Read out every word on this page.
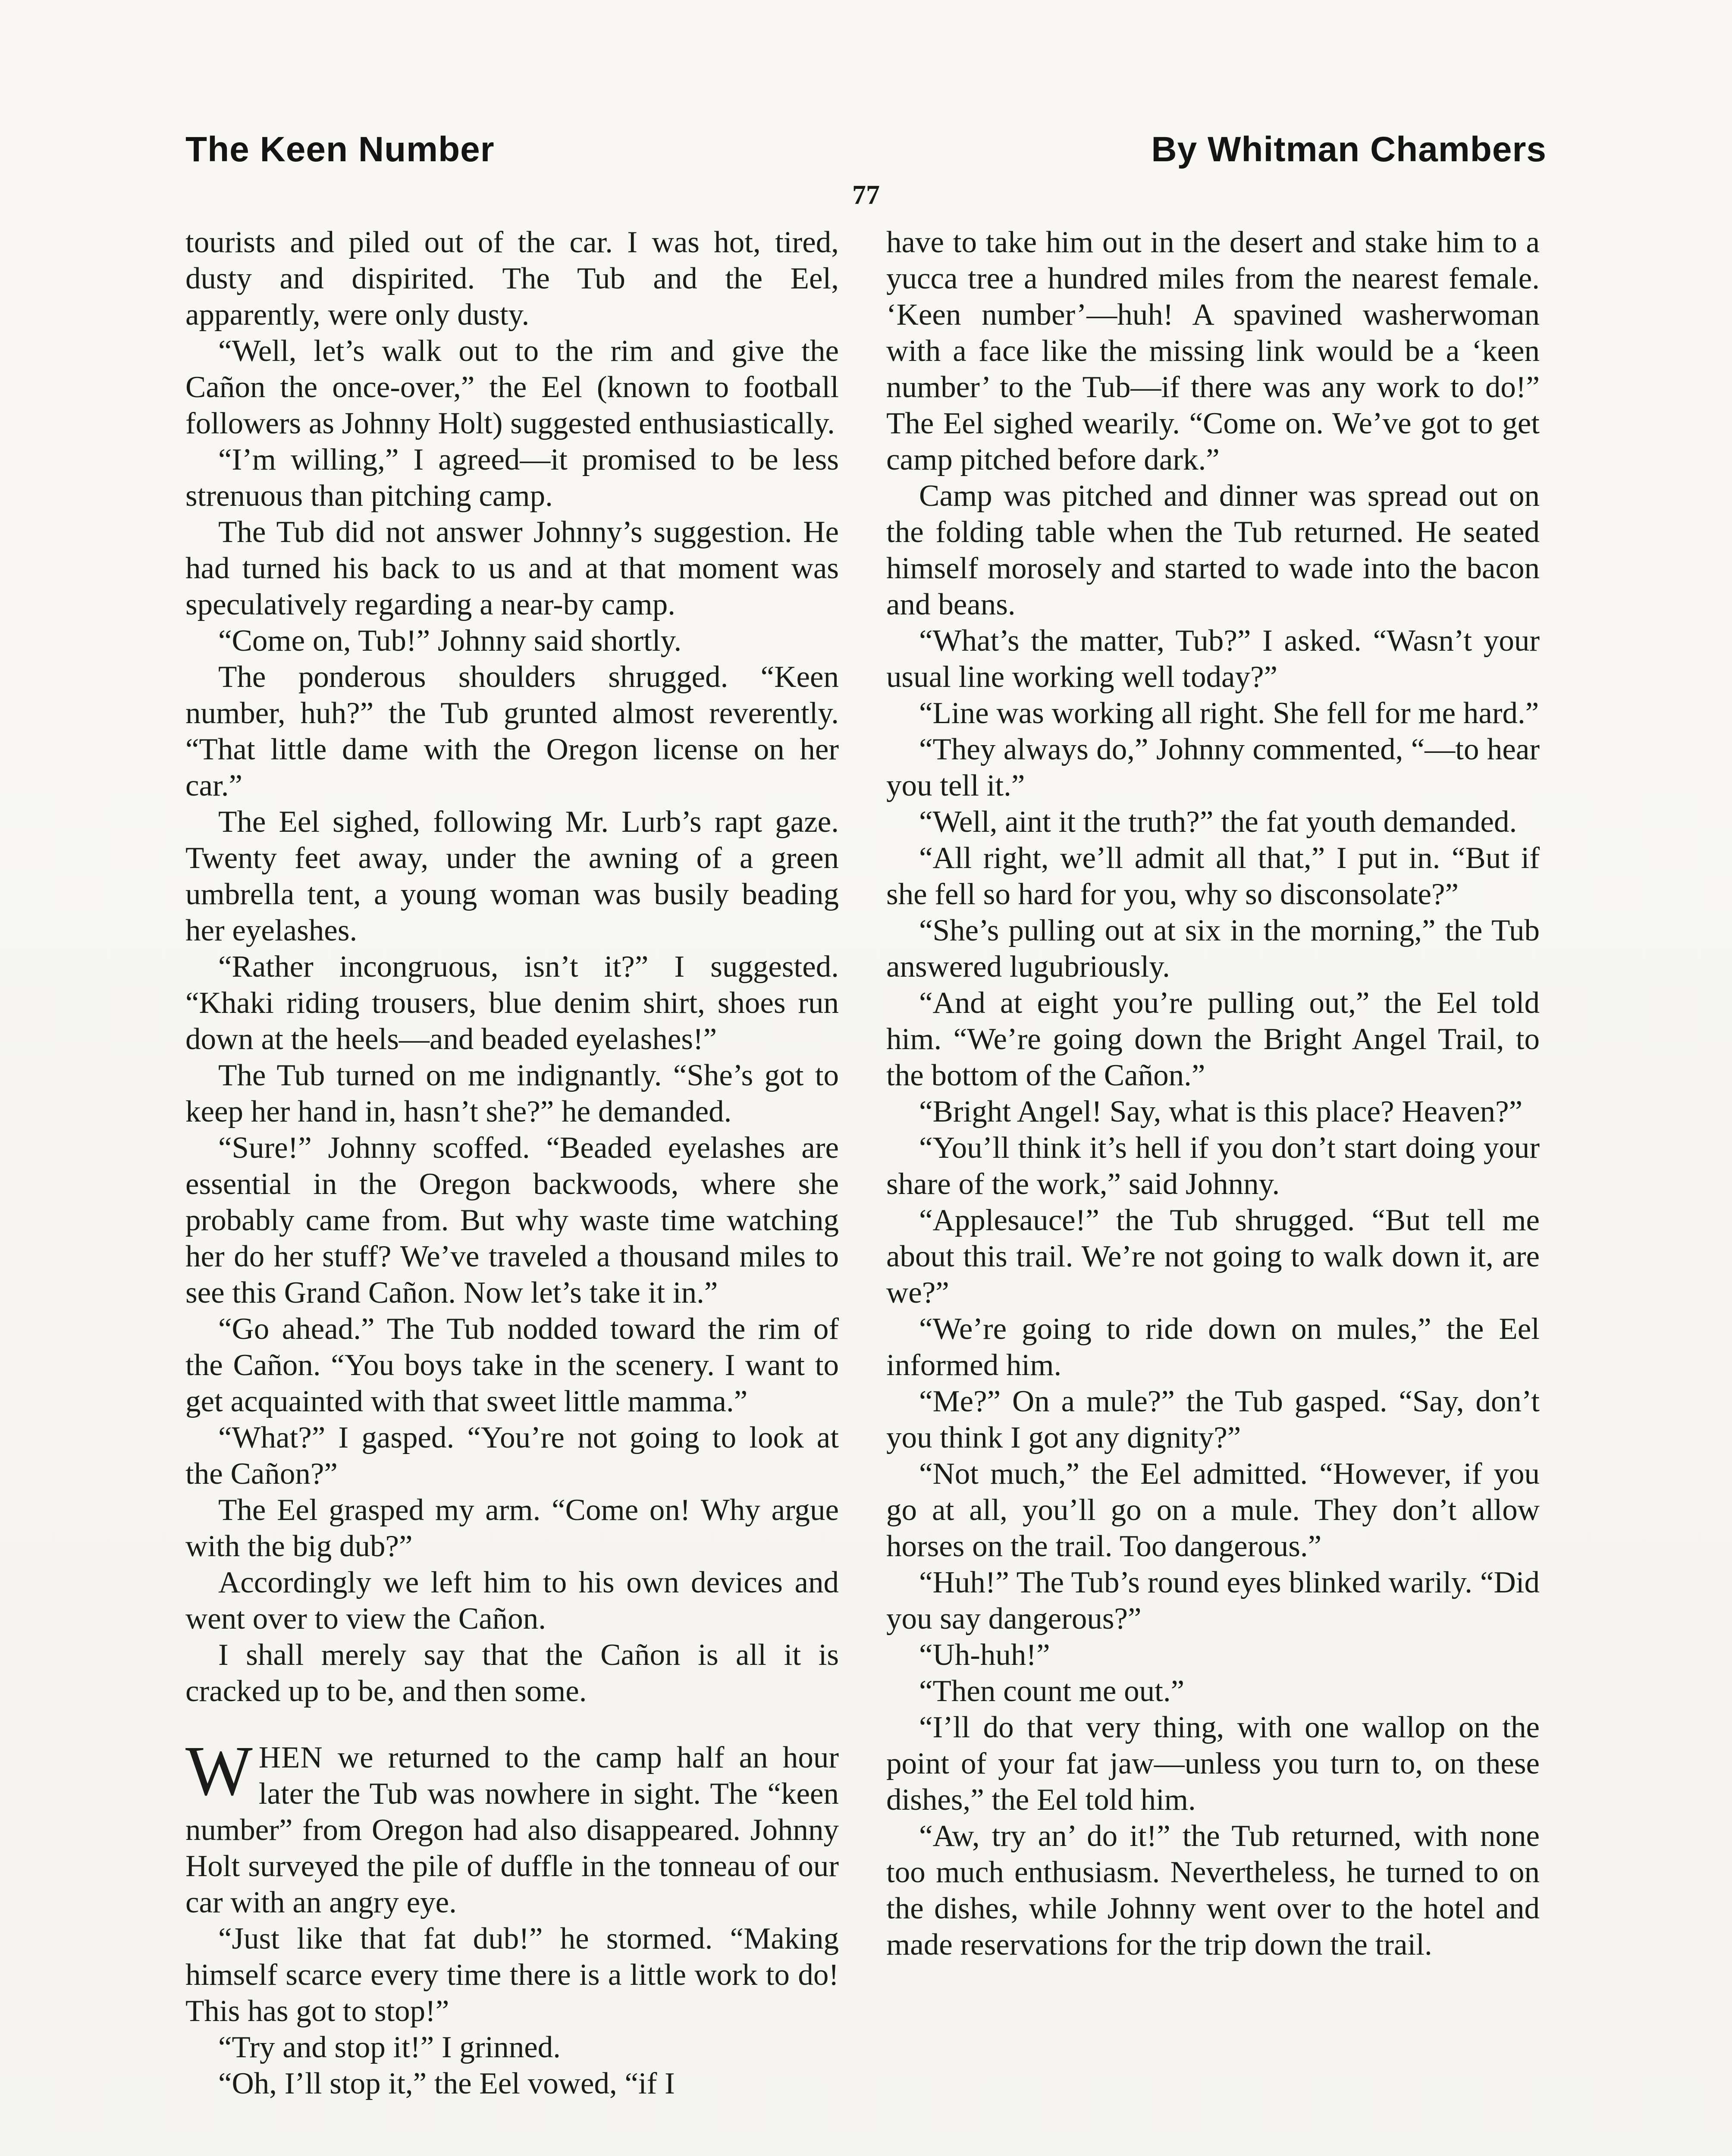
The Keen Number	By Whitman Chambers
77

tourists and piled out of the car. I was hot, tired, dusty and dispirited. The Tub and the Eel, apparently, were only dusty.

“Well, let’s walk out to the rim and give the Cañon the once-over,” the Eel (known to football followers as Johnny Holt) suggested enthusiastically.

“I’m willing,” I agreed—it promised to be less strenuous than pitching camp.

The Tub did not answer Johnny’s suggestion. He had turned his back to us and at that moment was speculatively regarding a near-by camp.

“Come on, Tub!” Johnny said shortly.

The ponderous shoulders shrugged. “Keen number, huh?” the Tub grunted almost reverently. “That little dame with the Oregon license on her car.”

The Eel sighed, following Mr. Lurb’s rapt gaze. Twenty feet away, under the awning of a green umbrella tent, a young woman was busily beading her eyelashes.

“Rather incongruous, isn’t it?” I suggested. “Khaki riding trousers, blue denim shirt, shoes run down at the heels—and beaded eyelashes!”

The Tub turned on me indignantly. “She’s got to keep her hand in, hasn’t she?” he demanded.

“Sure!” Johnny scoffed. “Beaded eyelashes are essential in the Oregon backwoods, where she probably came from. But why waste time watching her do her stuff? We’ve traveled a thousand miles to see this Grand Cañon. Now let’s take it in.”

“Go ahead.” The Tub nodded toward the rim of the Cañon. “You boys take in the scenery. I want to get acquainted with that sweet little mamma.”

“What?” I gasped. “You’re not going to look at the Cañon?”

The Eel grasped my arm. “Come on! Why argue with the big dub?”

Accordingly we left him to his own devices and went over to view the Cañon.

I shall merely say that the Cañon is all it is cracked up to be, and then some.

WHEN we returned to the camp half an hour later the Tub was nowhere in sight. The “keen number” from Oregon had also disappeared. Johnny Holt surveyed the pile of duffle in the tonneau of our car with an angry eye.

“Just like that fat dub!” he stormed. “Making himself scarce every time there is a little work to do! This has got to stop!”

“Try and stop it!” I grinned.

“Oh, I’ll stop it,” the Eel vowed, “if I

have to take him out in the desert and stake him to a yucca tree a hundred miles from the nearest female. ‘Keen number’—huh! A spavined washerwoman with a face like the missing link would be a ‘keen number’ to the Tub—if there was any work to do!” The Eel sighed wearily. “Come on. We’ve got to get camp pitched before dark.”

Camp was pitched and dinner was spread out on the folding table when the Tub returned. He seated himself morosely and started to wade into the bacon and beans.

“What’s the matter, Tub?” I asked. “Wasn’t your usual line working well today?”

“Line was working all right. She fell for me hard.”

“They always do,” Johnny commented, “—to hear you tell it.”

“Well, aint it the truth?” the fat youth demanded.

“All right, we’ll admit all that,” I put in. “But if she fell so hard for you, why so disconsolate?”

“She’s pulling out at six in the morning,” the Tub answered lugubriously.

“And at eight you’re pulling out,” the Eel told him. “We’re going down the Bright Angel Trail, to the bottom of the Cañon.”

“Bright Angel! Say, what is this place? Heaven?”

“You’ll think it’s hell if you don’t start doing your share of the work,” said Johnny.

“Applesauce!” the Tub shrugged. “But tell me about this trail. We’re not going to walk down it, are we?”

“We’re going to ride down on mules,” the Eel informed him.

“Me?” On a mule?” the Tub gasped. “Say, don’t you think I got any dignity?”

“Not much,” the Eel admitted. “However, if you go at all, you’ll go on a mule. They don’t allow horses on the trail. Too dangerous.”

“Huh!” The Tub’s round eyes blinked warily. “Did you say dangerous?”

“Uh-huh!”

“Then count me out.”

“I’ll do that very thing, with one wallop on the point of your fat jaw—unless you turn to, on these dishes,” the Eel told him.

“Aw, try an’ do it!” the Tub returned, with none too much enthusiasm. Nevertheless, he turned to on the dishes, while Johnny went over to the hotel and made reservations for the trip down the trail.
